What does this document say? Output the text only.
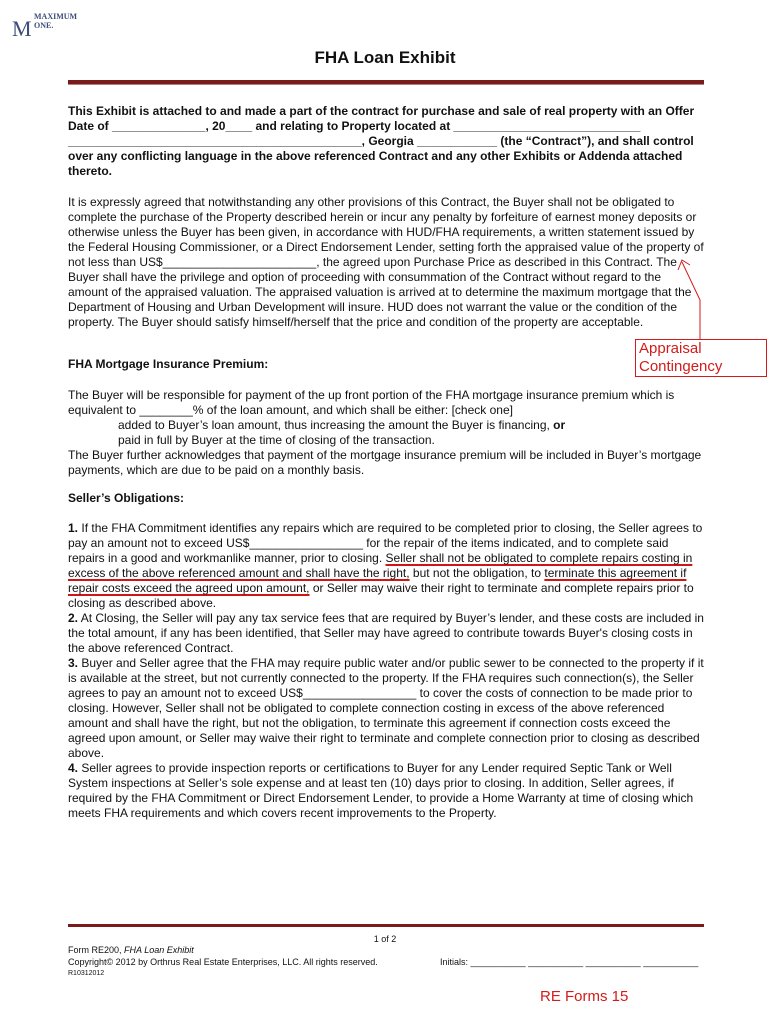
M MAXIMUM
ONE.
FHA Loan Exhibit

This Exhibit is attached to and made a part of the contract for purchase and sale of real property with an Offer Date of ______________, 20____ and relating to Property located at ____________________________ ____________________________________________, Georgia ____________ (the “Contract”), and shall control over any conflicting language in the above referenced Contract and any other Exhibits or Addenda attached thereto.

It is expressly agreed that notwithstanding any other provisions of this Contract, the Buyer shall not be obligated to complete the purchase of the Property described herein or incur any penalty by forfeiture of earnest money deposits or otherwise unless the Buyer has been given, in accordance with HUD/FHA requirements, a written statement issued by the Federal Housing Commissioner, or a Direct Endorsement Lender, setting forth the appraised value of the property of not less than US$_______________________, the agreed upon Purchase Price as described in this Contract. The Buyer shall have the privilege and option of proceeding with consummation of the Contract without regard to the amount of the appraised valuation. The appraised valuation is arrived at to determine the maximum mortgage that the Department of Housing and Urban Development will insure. HUD does not warrant the value or the condition of the property. The Buyer should satisfy himself/herself that the price and condition of the property are acceptable.

FHA Mortgage Insurance Premium:
The Buyer will be responsible for payment of the up front portion of the FHA mortgage insurance premium which is equivalent to ________% of the loan amount, and which shall be either: [check one]
added to Buyer’s loan amount, thus increasing the amount the Buyer is financing, or
paid in full by Buyer at the time of closing of the transaction.
The Buyer further acknowledges that payment of the mortgage insurance premium will be included in Buyer’s mortgage payments, which are due to be paid on a monthly basis.
Seller’s Obligations:
1. If the FHA Commitment identifies any repairs which are required to be completed prior to closing, the Seller agrees to pay an amount not to exceed US$_________________ for the repair of the items indicated, and to complete said repairs in a good and workmanlike manner, prior to closing. Seller shall not be obligated to complete repairs costing in excess of the above referenced amount and shall have the right, but not the obligation, to terminate this agreement if repair costs exceed the agreed upon amount, or Seller may waive their right to terminate and complete repairs prior to closing as described above.
2. At Closing, the Seller will pay any tax service fees that are required by Buyer’s lender, and these costs are included in the total amount, if any has been identified, that Seller may have agreed to contribute towards Buyer's closing costs in the above referenced Contract.
3. Buyer and Seller agree that the FHA may require public water and/or public sewer to be connected to the property if it is available at the street, but not currently connected to the property. If the FHA requires such connection(s), the Seller agrees to pay an amount not to exceed US$_________________ to cover the costs of connection to be made prior to closing. However, Seller shall not be obligated to complete connection costing in excess of the above referenced amount and shall have the right, but not the obligation, to terminate this agreement if connection costs exceed the agreed upon amount, or Seller may waive their right to terminate and complete connection prior to closing as described above.
4. Seller agrees to provide inspection reports or certifications to Buyer for any Lender required Septic Tank or Well System inspections at Seller’s sole expense and at least ten (10) days prior to closing. In addition, Seller agrees, if required by the FHA Commitment or Direct Endorsement Lender, to provide a Home Warranty at time of closing which meets FHA requirements and which covers recent improvements to the Property.
Appraisal
Contingency
1 of 2
Form RE200, FHA Loan Exhibit
Copyright© 2012 by Orthrus Real Estate Enterprises, LLC. All rights reserved.	Initials: ___________ ___________ ___________ ___________
R10312012
RE Forms 15
